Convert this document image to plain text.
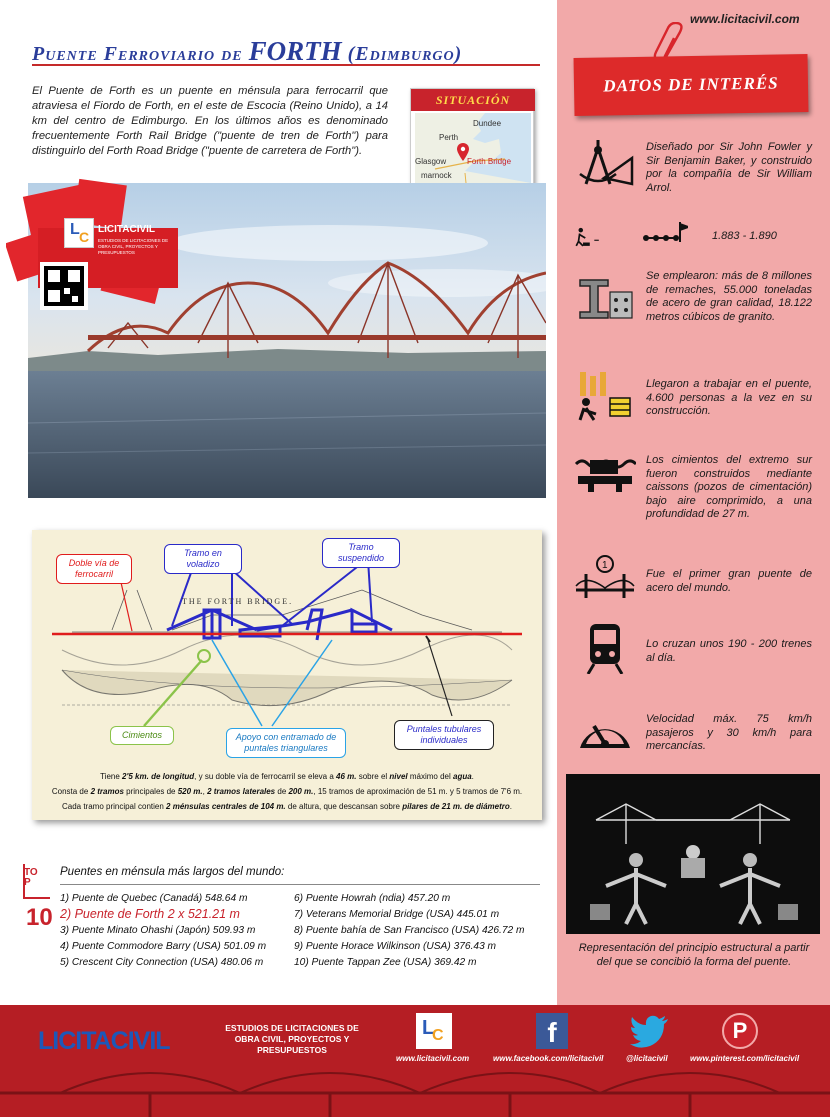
Puente Ferroviario de FORTH (Edimburgo)

El Puente de Forth es un puente en ménsula para ferrocarril que atraviesa el Fiordo de Forth, en el este de Escocia (Reino Unido), a 14 km del centro de Edimburgo. En los últimos años es denominado frecuentemente Forth Rail Bridge ("puente de tren de Forth") para distinguirlo del Forth Road Bridge ("puente de carretera de Forth").

SITUACIÓN
Dundee
Perth
Glasgow	Forth Bridge
marnock
L C LICITACIVIL
ESTUDIOS DE LICITACIONES DE OBRA CIVIL, PROYECTOS Y PRESUPUESTOS
THE FORTH BRIDGE.
Doble vía de ferrocarril
Tramo en voladizo
Tramo suspendido
Cimientos	Apoyo con entramado de puntales triangulares
Puntales tubulares individuales
Tiene 2'5 km. de longitud, y su doble vía de ferrocarril se eleva a 46 m. sobre el nivel máximo del agua.
Consta de 2 tramos principales de 520 m., 2 tramos laterales de 200 m., 15 tramos de aproximación de 51 m. y 5 tramos de 7'6 m.
Cada tramo principal contien 2 ménsulas centrales de 104 m. de altura, que descansan sobre pilares de 21 m. de diámetro.
TOP
10
Puentes en ménsula más largos del mundo:
1) Puente de Quebec (Canadá) 548.64 m
2) Puente de Forth 2 x 521.21 m
3) Puente Minato Ohashi (Japón) 509.93 m
4) Puente Commodore Barry (USA) 501.09 m
5) Crescent City Connection (USA) 480.06 m
6) Puente Howrah (ndia) 457.20 m
7) Veterans Memorial Bridge (USA) 445.01 m
8) Puente bahía de San Francisco (USA) 426.72 m
9) Puente Horace Wilkinson (USA) 376.43 m
10) Puente Tappan Zee (USA) 369.42 m
www.licitacivil.com
DATOS DE INTERÉS

Diseñado por Sir John Fowler y Sir Benjamin Baker, y construido por la compañía de Sir William Arrol.

1.883 - 1.890

Se emplearon: más de 8 millones de remaches, 55.000 toneladas de acero de gran calidad, 18.122 metros cúbicos de granito.

Llegaron a trabajar en el puente, 4.600 personas a la vez en su construcción.

Los cimientos del extremo sur fueron construidos mediante caissons (pozos de cimentación) bajo aire comprimido, a una profundidad de 27 m.

1

Fue el primer gran puente de acero del mundo.

Lo cruzan unos 190 - 200 trenes al día.

Velocidad máx. 75 km/h pasajeros y 30 km/h para mercancías.

Representación del principio estructural a partir del que se concibió la forma del puente.

LICITACIVIL	ESTUDIOS DE LICITACIONES DE OBRA CIVIL, PROYECTOS Y PRESUPUESTOS
L
C	f	P
www.licitacivil.com	www.facebook.com/licitacivil	@licitacivil	www.pinterest.com/licitacivil
